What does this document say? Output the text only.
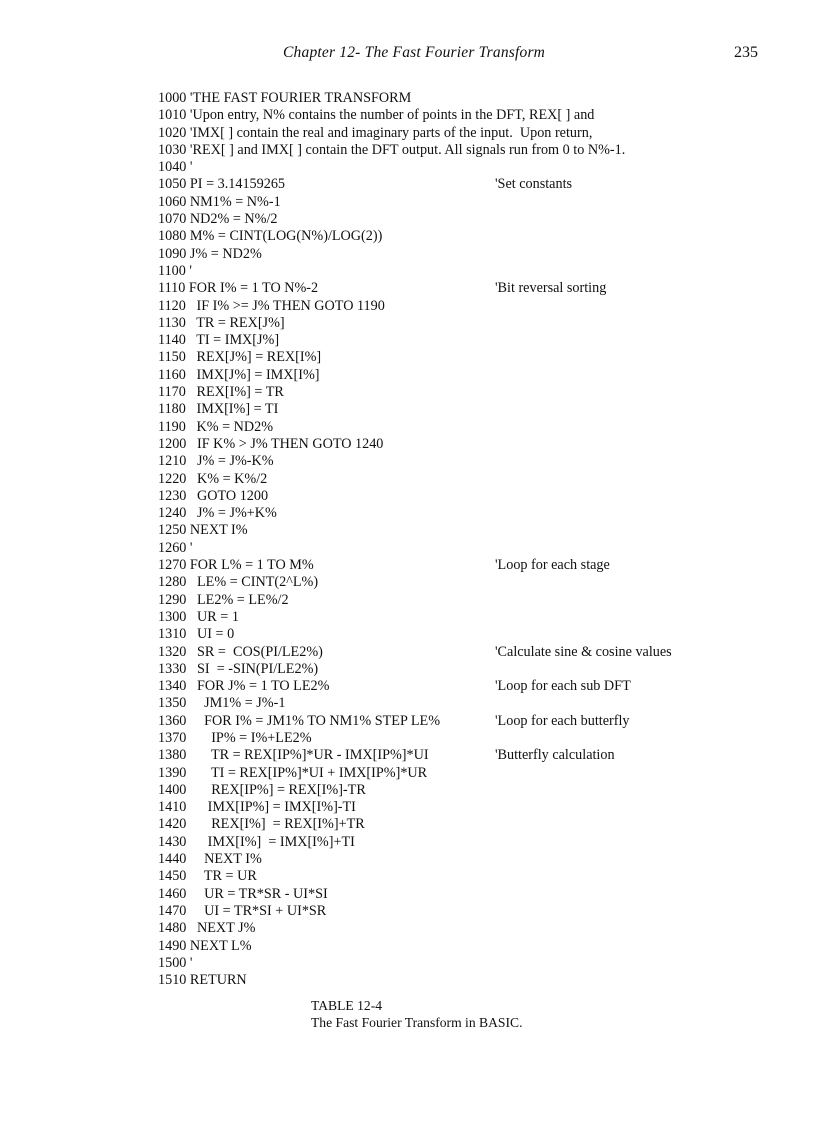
Chapter 12- The Fast Fourier Transform	235
1000 'THE FAST FOURIER TRANSFORM
1010 'Upon entry, N% contains the number of points in the DFT, REX[ ] and
1020 'IMX[ ] contain the real and imaginary parts of the input.  Upon return,
1030 'REX[ ] and IMX[ ] contain the DFT output. All signals run from 0 to N%-1.
1040 '
1050 PI = 3.14159265	'Set constants
1060 NM1% = N%-1
1070 ND2% = N%/2
1080 M% = CINT(LOG(N%)/LOG(2))
1090 J% = ND2%
1100 '
1110 FOR I% = 1 TO N%-2	'Bit reversal sorting
1120   IF I% >= J% THEN GOTO 1190
1130   TR = REX[J%]
1140   TI = IMX[J%]
1150   REX[J%] = REX[I%]
1160   IMX[J%] = IMX[I%]
1170   REX[I%] = TR
1180   IMX[I%] = TI
1190   K% = ND2%
1200   IF K% > J% THEN GOTO 1240
1210   J% = J%-K%
1220   K% = K%/2
1230   GOTO 1200
1240   J% = J%+K%
1250 NEXT I%
1260 '
1270 FOR L% = 1 TO M%	'Loop for each stage
1280   LE% = CINT(2^L%)
1290   LE2% = LE%/2
1300   UR = 1
1310   UI = 0
1320   SR =  COS(PI/LE2%)	'Calculate sine & cosine values
1330   SI  = -SIN(PI/LE2%)
1340   FOR J% = 1 TO LE2%	'Loop for each sub DFT
1350     JM1% = J%-1
1360     FOR I% = JM1% TO NM1% STEP LE%	'Loop for each butterfly
1370       IP% = I%+LE2%
1380       TR = REX[IP%]*UR - IMX[IP%]*UI	'Butterfly calculation
1390       TI = REX[IP%]*UI + IMX[IP%]*UR
1400       REX[IP%] = REX[I%]-TR
1410      IMX[IP%] = IMX[I%]-TI
1420       REX[I%]  = REX[I%]+TR
1430      IMX[I%]  = IMX[I%]+TI
1440     NEXT I%
1450     TR = UR
1460     UR = TR*SR - UI*SI
1470     UI = TR*SI + UI*SR
1480   NEXT J%
1490 NEXT L%
1500 '
1510 RETURN
TABLE 12-4
The Fast Fourier Transform in BASIC.
